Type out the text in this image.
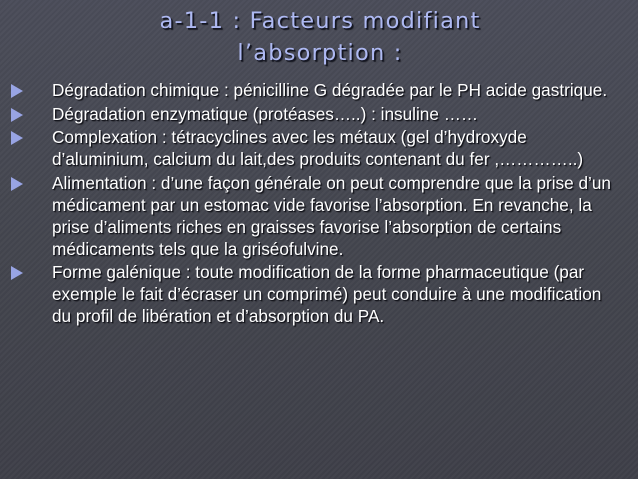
a-1-1 : Facteurs modifiant
l’absorption :
Dégradation chimique : pénicilline G dégradée par le PH acide gastrique.
Dégradation enzymatique (protéases…..) : insuline ……
Complexation : tétracyclines avec les métaux (gel d’hydroxyde d’aluminium, calcium du lait,des produits contenant du fer ,…………..)
Alimentation : d’une façon générale on peut comprendre que la prise d’un médicament par un estomac vide favorise l’absorption. En revanche, la prise d’aliments riches en graisses favorise l’absorption de certains médicaments tels que la griséofulvine.
Forme galénique : toute modification de la forme pharmaceutique (par exemple le fait d’écraser un comprimé) peut conduire à une modification du profil de libération et d’absorption du PA.
